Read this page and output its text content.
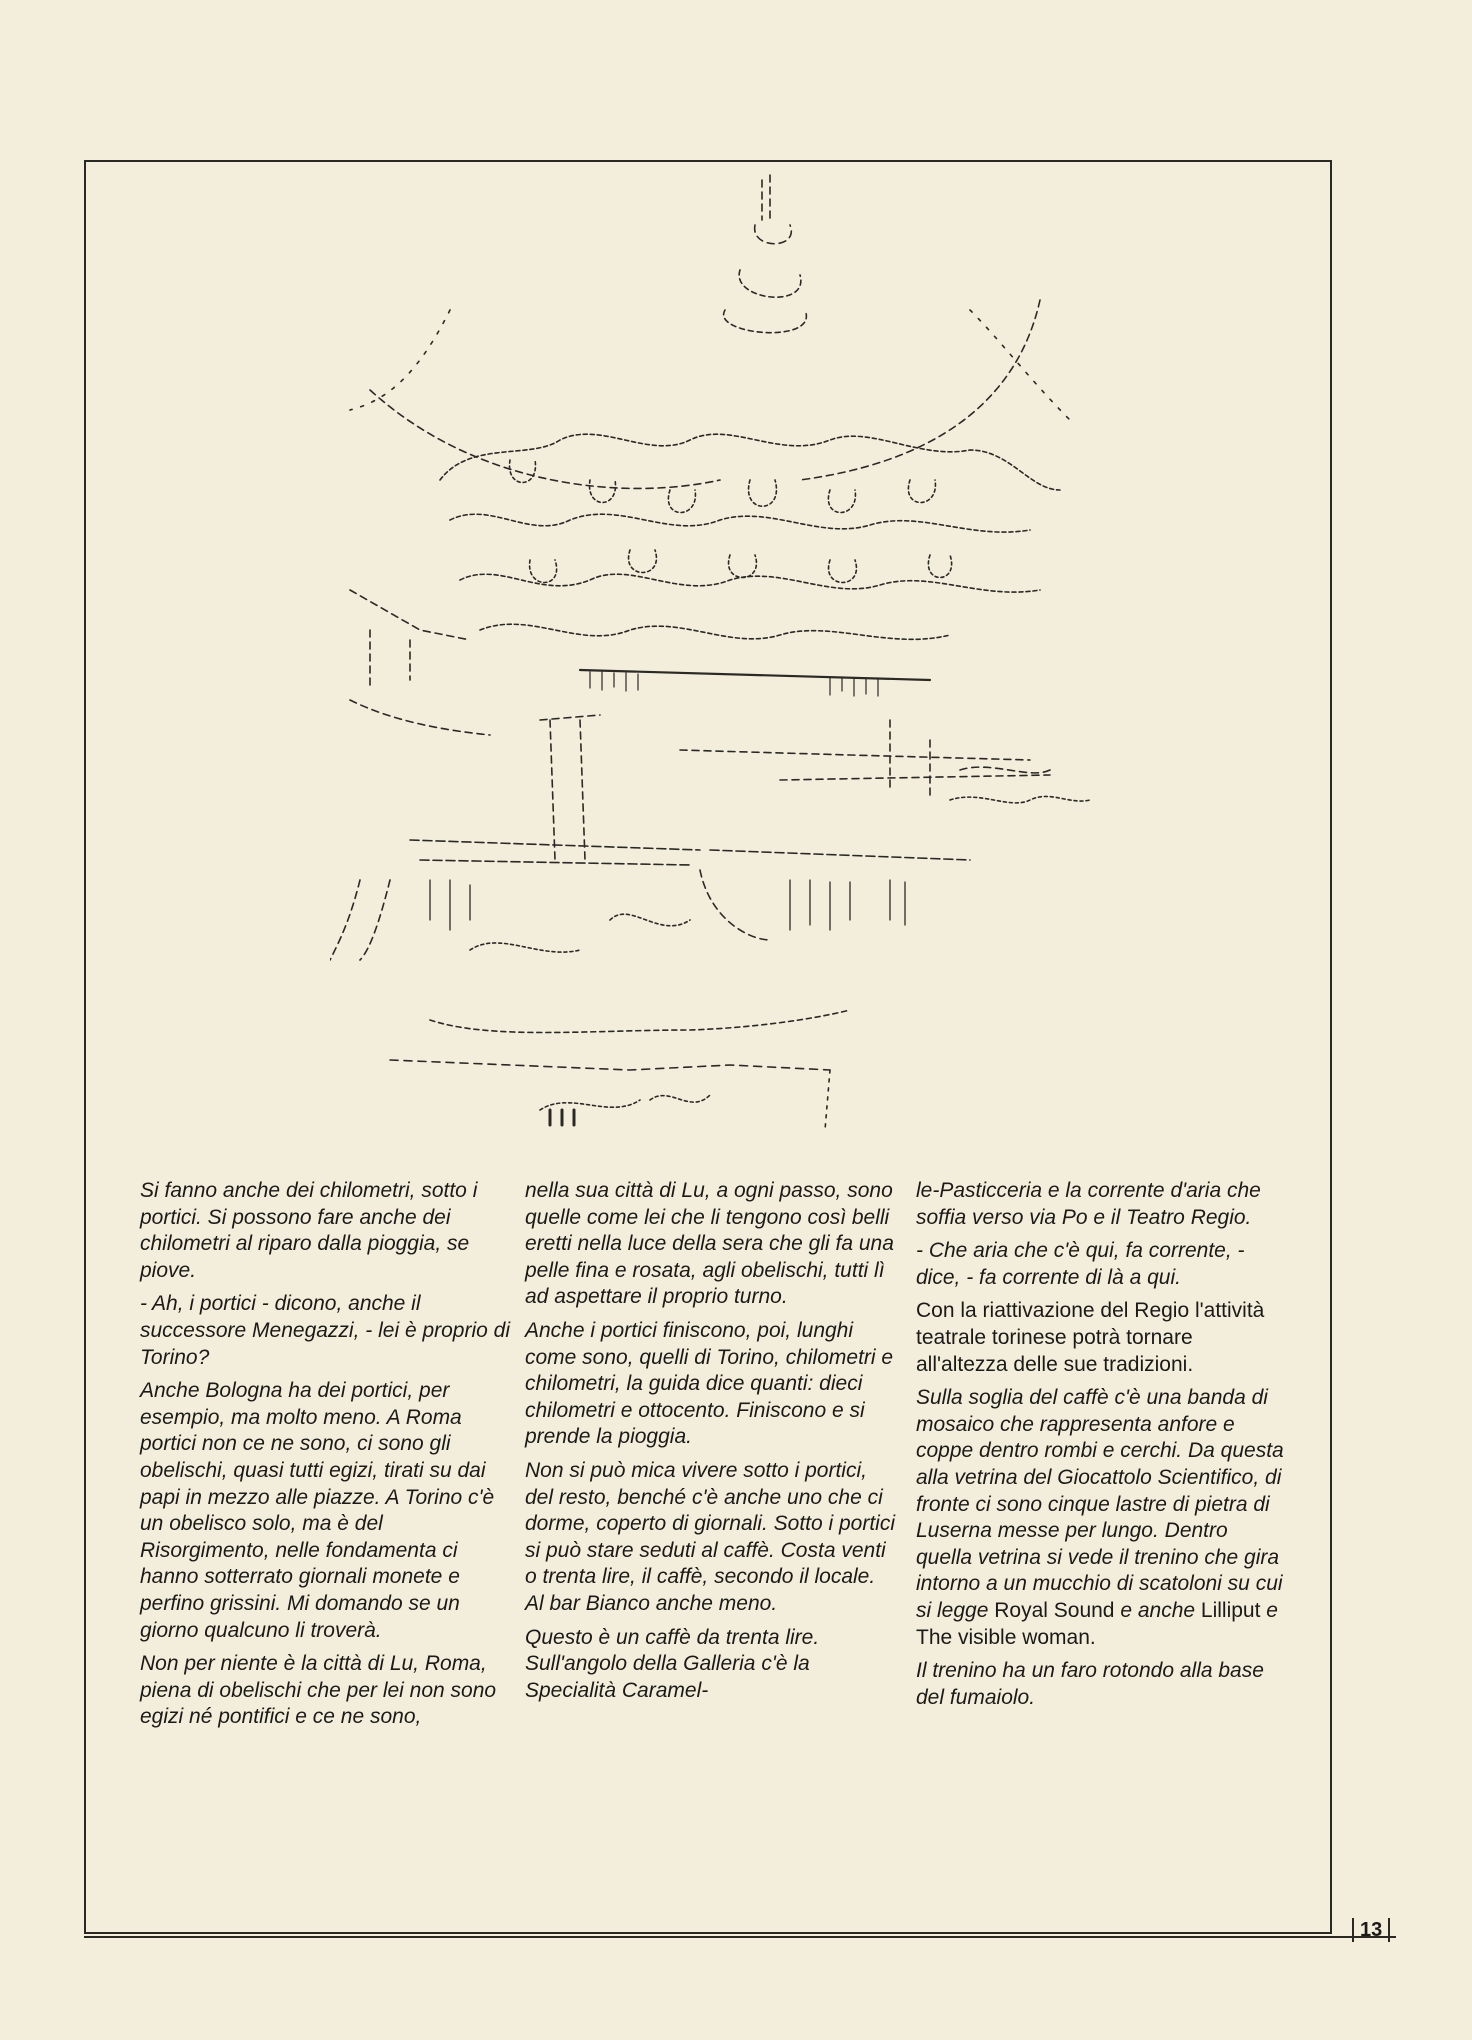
Si fanno anche dei chilometri, sotto i portici. Si possono fare anche dei chilometri al riparo dalla pioggia, se piove.

- Ah, i portici - dicono, anche il successore Menegazzi, - lei è proprio di Torino?

Anche Bologna ha dei portici, per esempio, ma molto meno. A Roma portici non ce ne sono, ci sono gli obelischi, quasi tutti egizi, tirati su dai papi in mezzo alle piazze. A Torino c'è un obelisco solo, ma è del Risorgimento, nelle fondamenta ci hanno sotterrato giornali monete e perfino grissini. Mi domando se un giorno qualcuno li troverà.

Non per niente è la città di Lu, Roma, piena di obelischi che per lei non sono egizi né pontifici e ce ne sono,

nella sua città di Lu, a ogni passo, sono quelle come lei che li tengono così belli eretti nella luce della sera che gli fa una pelle fina e rosata, agli obelischi, tutti lì ad aspettare il proprio turno.

Anche i portici finiscono, poi, lunghi come sono, quelli di Torino, chilometri e chilometri, la guida dice quanti: dieci chilometri e ottocento. Finiscono e si prende la pioggia.

Non si può mica vivere sotto i portici, del resto, benché c'è anche uno che ci dorme, coperto di giornali. Sotto i portici si può stare seduti al caffè. Costa venti o trenta lire, il caffè, secondo il locale. Al bar Bianco anche meno.

Questo è un caffè da trenta lire. Sull'angolo della Galleria c'è la Specialità Caramel-

le-Pasticceria e la corrente d'aria che soffia verso via Po e il Teatro Regio.

- Che aria che c'è qui, fa corrente, - dice, - fa corrente di là a qui.

Con la riattivazione del Regio l'attività teatrale torinese potrà tornare all'altezza delle sue tradizioni.

Sulla soglia del caffè c'è una banda di mosaico che rappresenta anfore e coppe dentro rombi e cerchi. Da questa alla vetrina del Giocattolo Scientifico, di fronte ci sono cinque lastre di pietra di Luserna messe per lungo. Dentro quella vetrina si vede il trenino che gira intorno a un mucchio di scatoloni su cui si legge Royal Sound e anche Lilliput e The visible woman.

Il trenino ha un faro rotondo alla base del fumaiolo.

13
